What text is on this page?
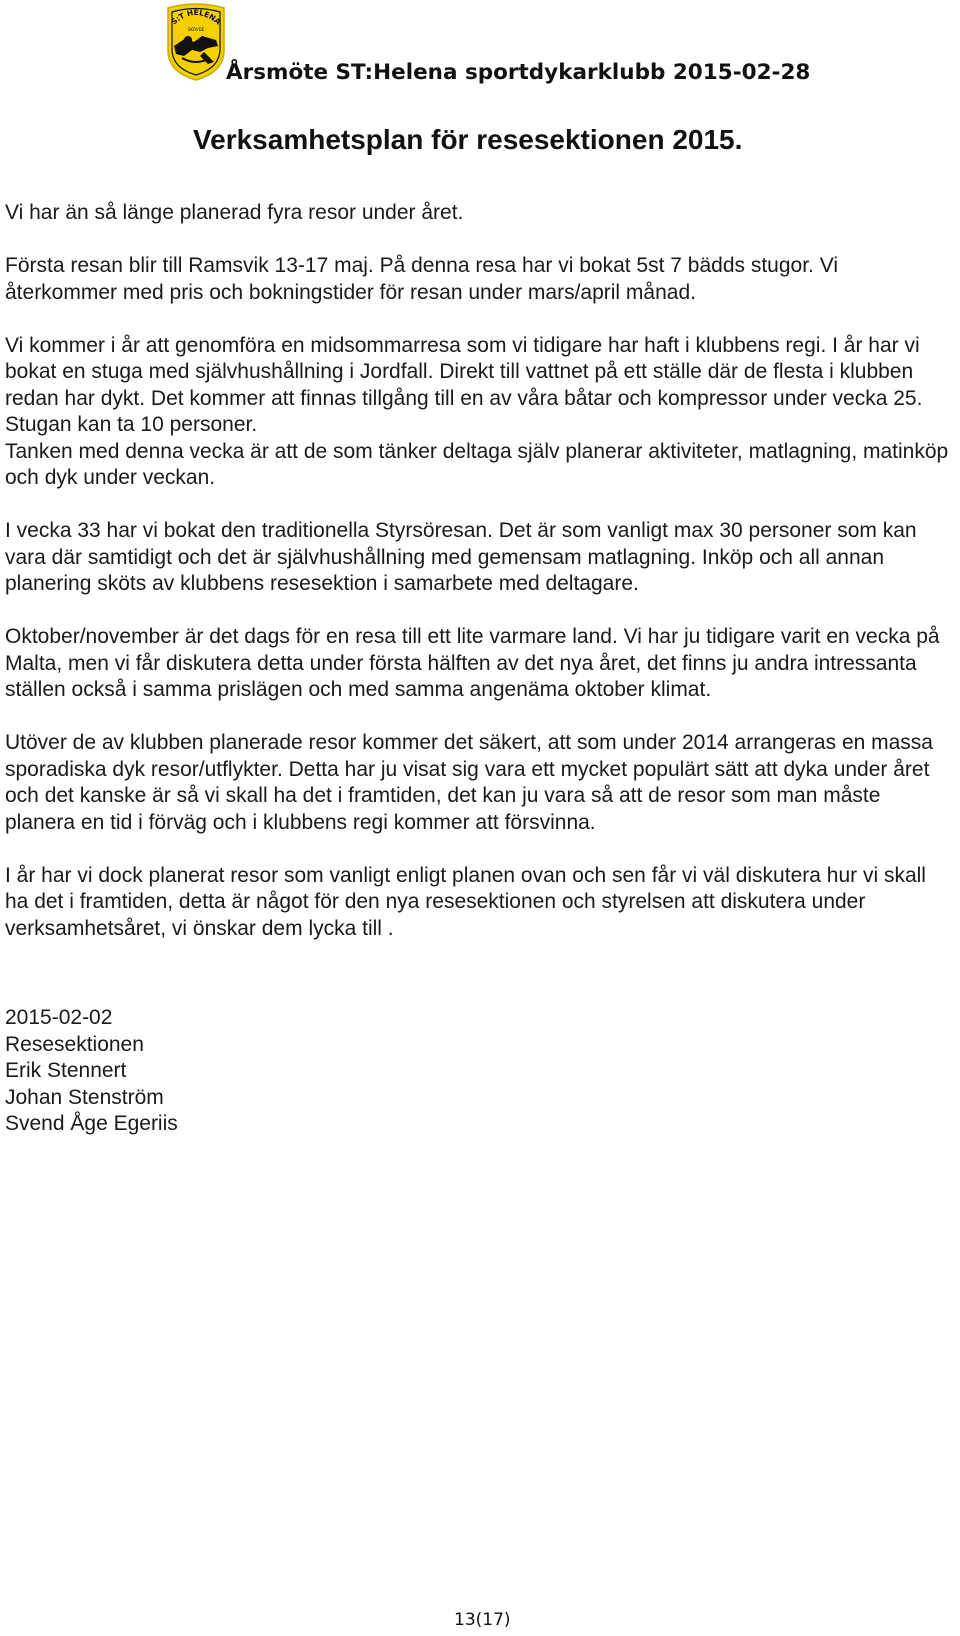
S:T HELENA
SKÖVDE
Årsmöte ST:Helena sportdykarklubb 2015-02-28
Verksamhetsplan för resesektionen 2015.

Vi har än så länge planerad fyra resor under året.

Första resan blir till Ramsvik 13-17 maj. På denna resa har vi bokat 5st 7 bädds stugor. Vi återkommer med pris och bokningstider för resan under mars/april månad.

Vi kommer i år att genomföra en midsommarresa som vi tidigare har haft i klubbens regi. I år har vi bokat en stuga med självhushållning i Jordfall. Direkt till vattnet på ett ställe där de flesta i klubben redan har dykt. Det kommer att finnas tillgång till en av våra båtar och kompressor under vecka 25. Stugan kan ta 10 personer.

Tanken med denna vecka är att de som tänker deltaga själv planerar aktiviteter, matlagning, matinköp och dyk under veckan.

I vecka 33 har vi bokat den traditionella Styrsöresan. Det är som vanligt max 30 personer som kan vara där samtidigt och det är självhushållning med gemensam matlagning. Inköp och all annan planering sköts av klubbens resesektion i samarbete med deltagare.

Oktober/november är det dags för en resa till ett lite varmare land. Vi har ju tidigare varit en vecka på Malta, men vi får diskutera detta under första hälften av det nya året, det finns ju andra intressanta ställen också i samma prislägen och med samma angenäma oktober klimat.

Utöver de av klubben planerade resor kommer det säkert, att som under 2014 arrangeras en massa sporadiska dyk resor/utflykter. Detta har ju visat sig vara ett mycket populärt sätt att dyka under året och det kanske är så vi skall ha det i framtiden, det kan ju vara så att de resor som man måste planera en tid i förväg och i klubbens regi kommer att försvinna.

I år har vi dock planerat resor som vanligt enligt planen ovan och sen får vi väl diskutera hur vi skall ha det i framtiden, detta är något för den nya resesektionen och styrelsen att diskutera under verksamhetsåret, vi önskar dem lycka till .

2015-02-02
Resesektionen
Erik Stennert
Johan Stenström
Svend Åge Egeriis
13(17)
